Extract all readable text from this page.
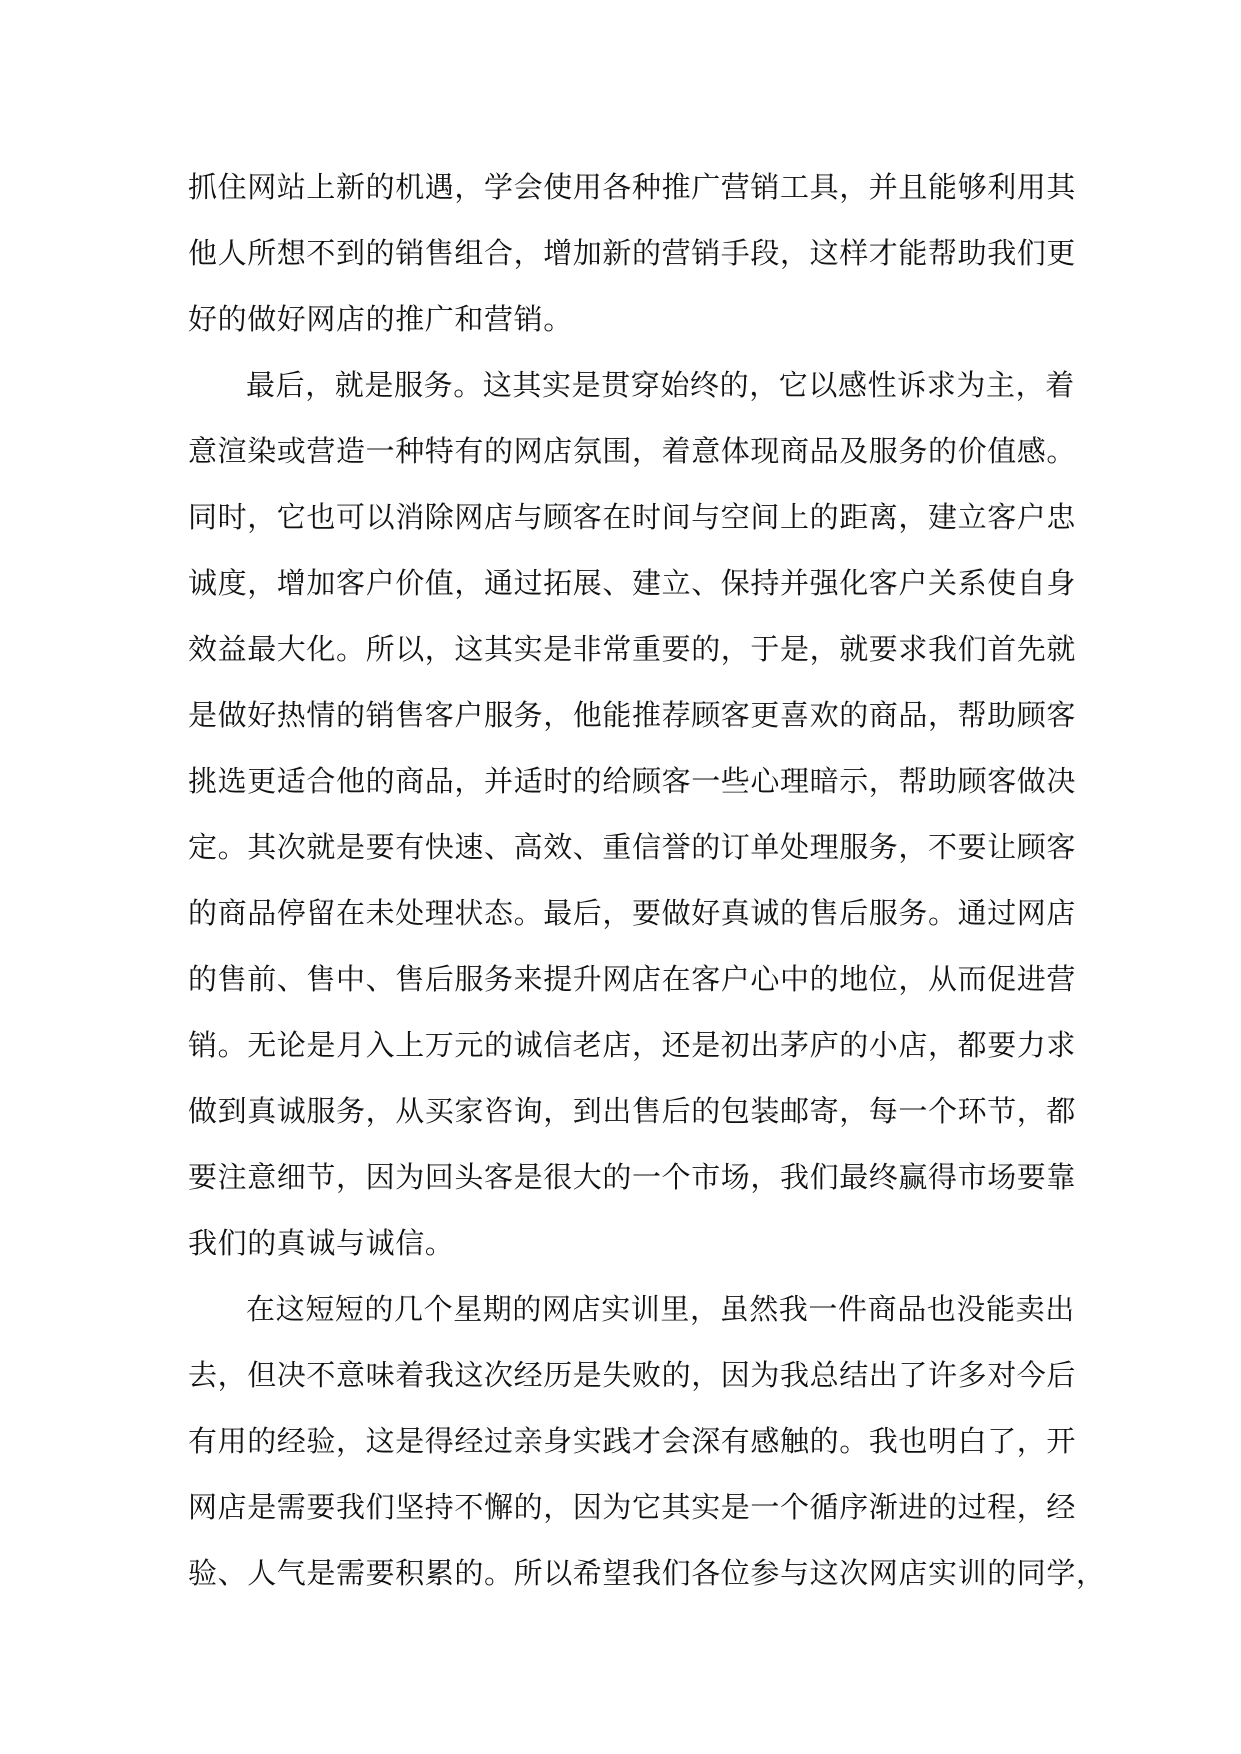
抓住网站上新的机遇，学会使用各种推广营销工具，并且能够利用其
他人所想不到的销售组合，增加新的营销手段，这样才能帮助我们更
好的做好网店的推广和营销。
最后，就是服务。这其实是贯穿始终的，它以感性诉求为主，着
意渲染或营造一种特有的网店氛围，着意体现商品及服务的价值感。
同时，它也可以消除网店与顾客在时间与空间上的距离，建立客户忠
诚度，增加客户价值，通过拓展、建立、保持并强化客户关系使自身
效益最大化。所以，这其实是非常重要的，于是，就要求我们首先就
是做好热情的销售客户服务，他能推荐顾客更喜欢的商品，帮助顾客
挑选更适合他的商品，并适时的给顾客一些心理暗示，帮助顾客做决
定。其次就是要有快速、高效、重信誉的订单处理服务，不要让顾客
的商品停留在未处理状态。最后，要做好真诚的售后服务。通过网店
的售前、售中、售后服务来提升网店在客户心中的地位，从而促进营
销。无论是月入上万元的诚信老店，还是初出茅庐的小店，都要力求
做到真诚服务，从买家咨询，到出售后的包装邮寄，每一个环节，都
要注意细节，因为回头客是很大的一个市场，我们最终赢得市场要靠
我们的真诚与诚信。
在这短短的几个星期的网店实训里，虽然我一件商品也没能卖出
去，但决不意味着我这次经历是失败的，因为我总结出了许多对今后
有用的经验，这是得经过亲身实践才会深有感触的。我也明白了，开
网店是需要我们坚持不懈的，因为它其实是一个循序渐进的过程，经
验、人气是需要积累的。所以希望我们各位参与这次网店实训的同学，
